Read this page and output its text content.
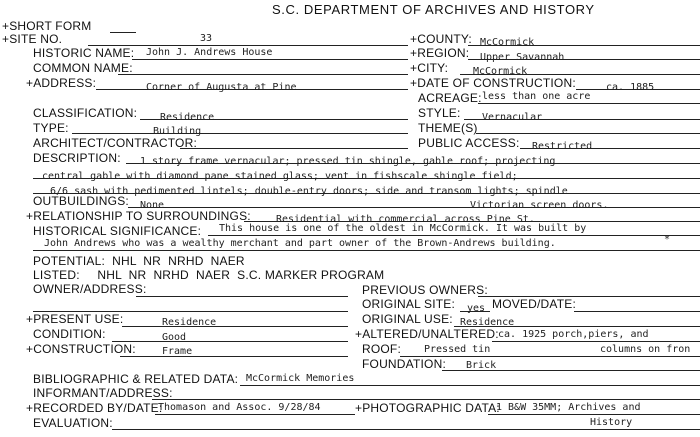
S.C. DEPARTMENT OF ARCHIVES AND HISTORY
+SHORT FORM
+SITE NO.	33
HISTORIC NAME: John J. Andrews House
COMMON NAME:
+ADDRESS:	Corner of Augusta at Pine
CLASSIFICATION: Residence
TYPE:	Building
ARCHITECT/CONTRACTOR:
DESCRIPTION: 1 story frame vernacular; pressed tin shingle, gable roof; projecting
central gable with diamond pane stained glass; vent in fishscale shingle field;
6/6 sash with pedimented lintels; double-entry doors; side and transom lights; spindle
OUTBUILDINGS: None	Victorian screen doors.
+RELATIONSHIP TO SURROUNDINGS:	Residential with commercial across Pine St.
HISTORICAL SIGNIFICANCE: This house is one of the oldest in McCormick. It was built by
John Andrews who was a wealthy merchant and part owner of the Brown-Andrews building.	*
POTENTIAL:  NHL  NR  NRHD  NAER
LISTED:     NHL  NR  NRHD  NAER  S.C. MARKER PROGRAM
OWNER/ADDRESS:
+PRESENT USE:	Residence
CONDITION:	Good
+CONSTRUCTION:	Frame
BIBLIOGRAPHIC & RELATED DATA: McCormick Memories
INFORMANT/ADDRESS:
+RECORDED BY/DATE:
Thomason and Assoc. 9/28/84
EVALUATION:
+COUNTY: McCormick
+REGION: Upper Savannah
+CITY: McCormick
+DATE OF CONSTRUCTION:	ca. 1885
ACREAGE: less than one acre
STYLE: Vernacular
THEME(S)
PUBLIC ACCESS: Restricted
PREVIOUS OWNERS:
ORIGINAL SITE: yes MOVED/DATE:
ORIGINAL USE: Residence
+ALTERED/UNALTERED: ca. 1925 porch,piers, and
ROOF: Pressed tin	columns on fron
FOUNDATION: Brick
+PHOTOGRAPHIC DATA:
1 B&W 35MM; Archives and
History
